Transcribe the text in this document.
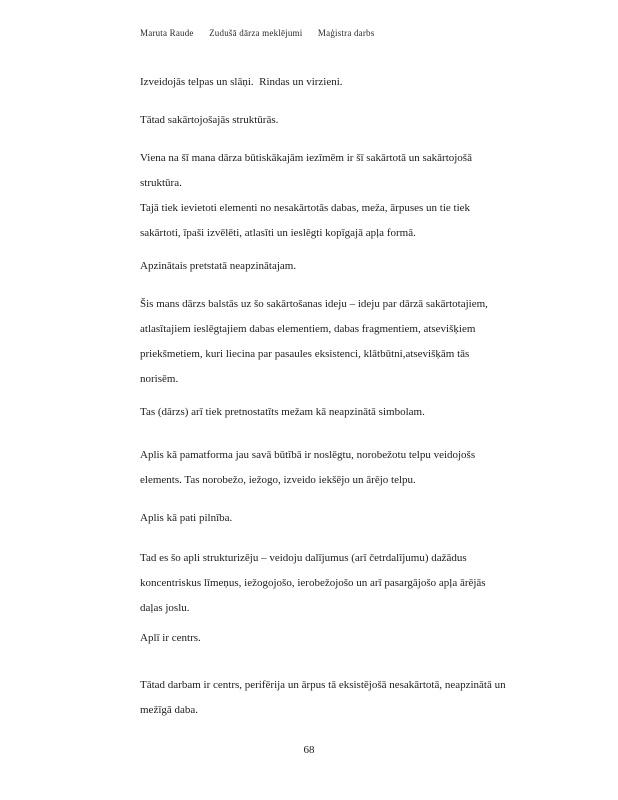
Maruta Raude Zudušā dārza meklējumi Maģistra darbs
Izveidojās telpas un slāņi.  Rindas un virzieni.
Tātad sakārtojošajās struktūrās.
Viena na šī mana dārza būtiskākajām iezīmēm ir šī sakārtotā un sakārtojošā
struktūra.
Tajā tiek ievietoti elementi no nesakārtotās dabas, meža, ārpuses un tie tiek
sakārtoti, īpaši izvēlēti, atlasīti un ieslēgti kopīgajā apļa formā.
Apzinātais pretstatā neapzinātajam.
Šis mans dārzs balstās uz šo sakārtošanas ideju – ideju par dārzā sakārtotajiem,
atlasītajiem ieslēgtajiem dabas elementiem, dabas fragmentiem, atsevišķiem
priekšmetiem, kuri liecina par pasaules eksistenci, klātbūtni,atsevišķām tās
norisēm.
Tas (dārzs) arī tiek pretnostatīts mežam kā neapzinātā simbolam.
Aplis kā pamatforma jau savā būtībā ir noslēgtu, norobežotu telpu veidojošs
elements. Tas norobežo, iežogo, izveido iekšējo un ārējo telpu.
Aplis kā pati pilnība.
Tad es šo apli strukturizēju – veidoju dalījumus (arī četrdalījumu) dažādus
koncentriskus līmeņus, iežogojošo, ierobežojošo un arī pasargājošo apļa ārējās
daļas joslu.
Aplī ir centrs.
Tātad darbam ir centrs, perifērija un ārpus tā eksistējošā nesakārtotā, neapzinātā un
mežīgā daba.
68
